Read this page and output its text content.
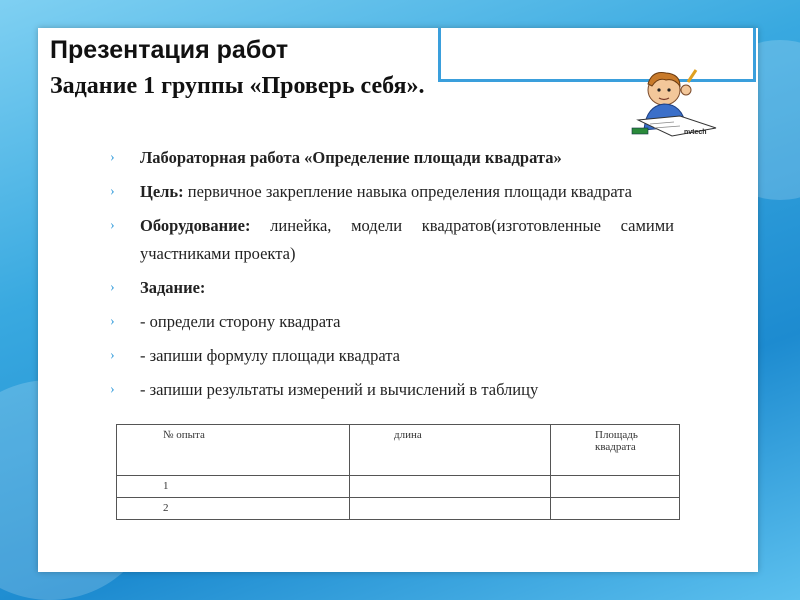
Презентация работ
Задание 1 группы «Проверь себя».
nvtech
› Лабораторная работа «Определение площади квадрата»
› Цель: первичное закрепление навыка определения площади квадрата
› Оборудование: линейка, модели квадратов(изготовленные самими участниками проекта)
› Задание:
› - определи сторону квадрата
› - запиши формулу площади квадрата
› - запиши результаты измерений и вычислений в таблицу
№ опыта	длина	Площадь квадрата
1		
2		
